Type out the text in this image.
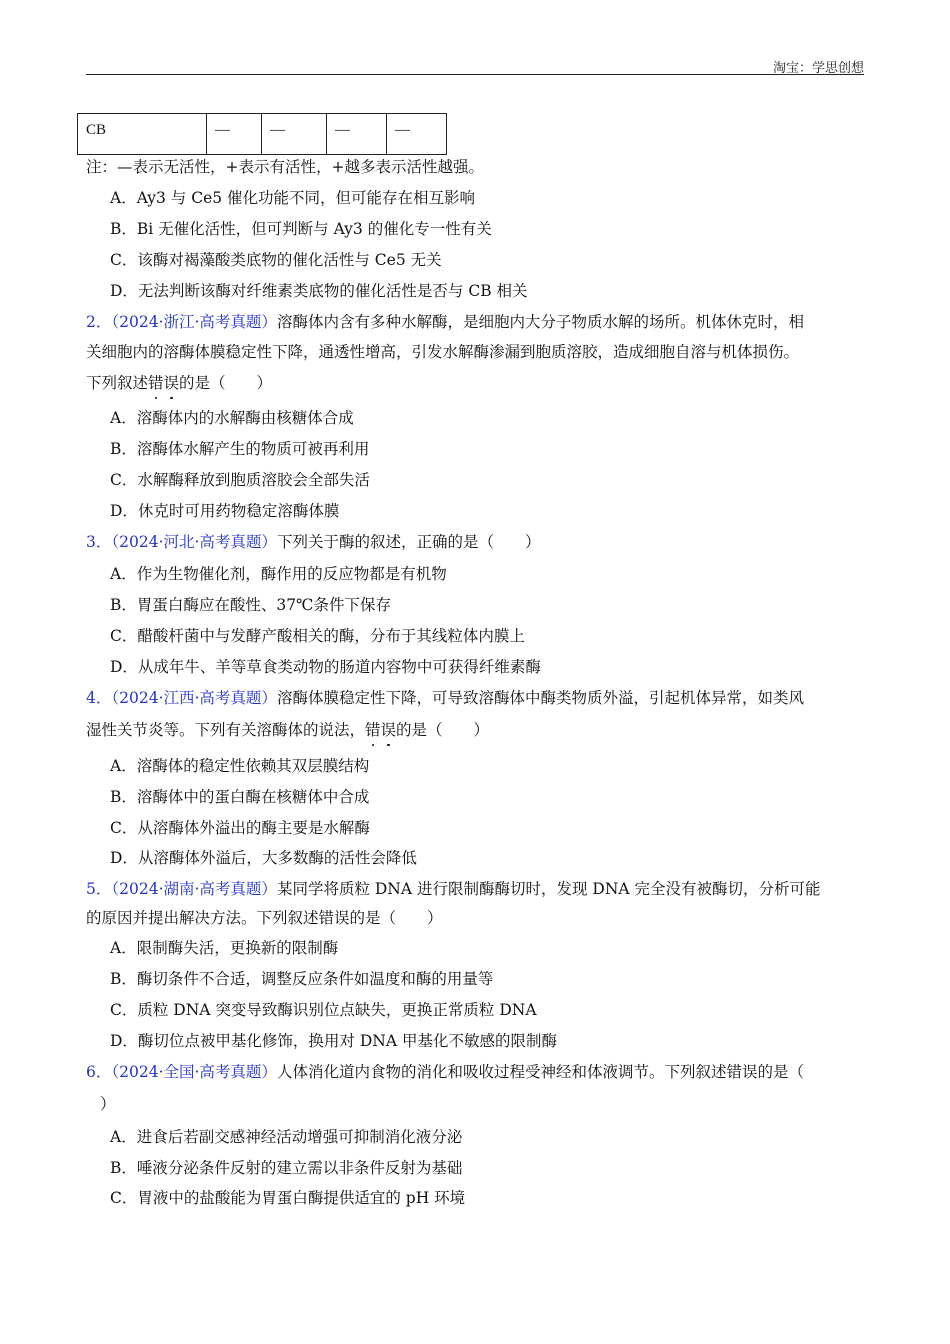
淘宝：学思创想
CB	—	—	—	—
注：—表示无活性，+表示有活性，+越多表示活性越强。
A．Ay3 与 Ce5 催化功能不同，但可能存在相互影响
B．Bi 无催化活性，但可判断与 Ay3 的催化专一性有关
C．该酶对褐藻酸类底物的催化活性与 Ce5 无关
D．无法判断该酶对纤维素类底物的催化活性是否与 CB 相关
2．（2024·浙江·高考真题）溶酶体内含有多种水解酶，是细胞内大分子物质水解的场所。机体休克时，相
关细胞内的溶酶体膜稳定性下降，通透性增高，引发水解酶渗漏到胞质溶胶，造成细胞自溶与机体损伤。
下列叙述错误的是（　　）
A．溶酶体内的水解酶由核糖体合成
B．溶酶体水解产生的物质可被再利用
C．水解酶释放到胞质溶胶会全部失活
D．休克时可用药物稳定溶酶体膜
3．（2024·河北·高考真题）下列关于酶的叙述，正确的是（　　）
A．作为生物催化剂，酶作用的反应物都是有机物
B．胃蛋白酶应在酸性、37℃条件下保存
C．醋酸杆菌中与发酵产酸相关的酶，分布于其线粒体内膜上
D．从成年牛、羊等草食类动物的肠道内容物中可获得纤维素酶
4．（2024·江西·高考真题）溶酶体膜稳定性下降，可导致溶酶体中酶类物质外溢，引起机体异常，如类风
湿性关节炎等。下列有关溶酶体的说法，错误的是（　　）
A．溶酶体的稳定性依赖其双层膜结构
B．溶酶体中的蛋白酶在核糖体中合成
C．从溶酶体外溢出的酶主要是水解酶
D．从溶酶体外溢后，大多数酶的活性会降低
5．（2024·湖南·高考真题）某同学将质粒 DNA 进行限制酶酶切时，发现 DNA 完全没有被酶切，分析可能
的原因并提出解决方法。下列叙述错误的是（　　）
A．限制酶失活，更换新的限制酶
B．酶切条件不合适，调整反应条件如温度和酶的用量等
C．质粒 DNA 突变导致酶识别位点缺失，更换正常质粒 DNA
D．酶切位点被甲基化修饰，换用对 DNA 甲基化不敏感的限制酶
6．（2024·全国·高考真题）人体消化道内食物的消化和吸收过程受神经和体液调节。下列叙述错误的是（
）
A．进食后若副交感神经活动增强可抑制消化液分泌
B．唾液分泌条件反射的建立需以非条件反射为基础
C．胃液中的盐酸能为胃蛋白酶提供适宜的 pH 环境
